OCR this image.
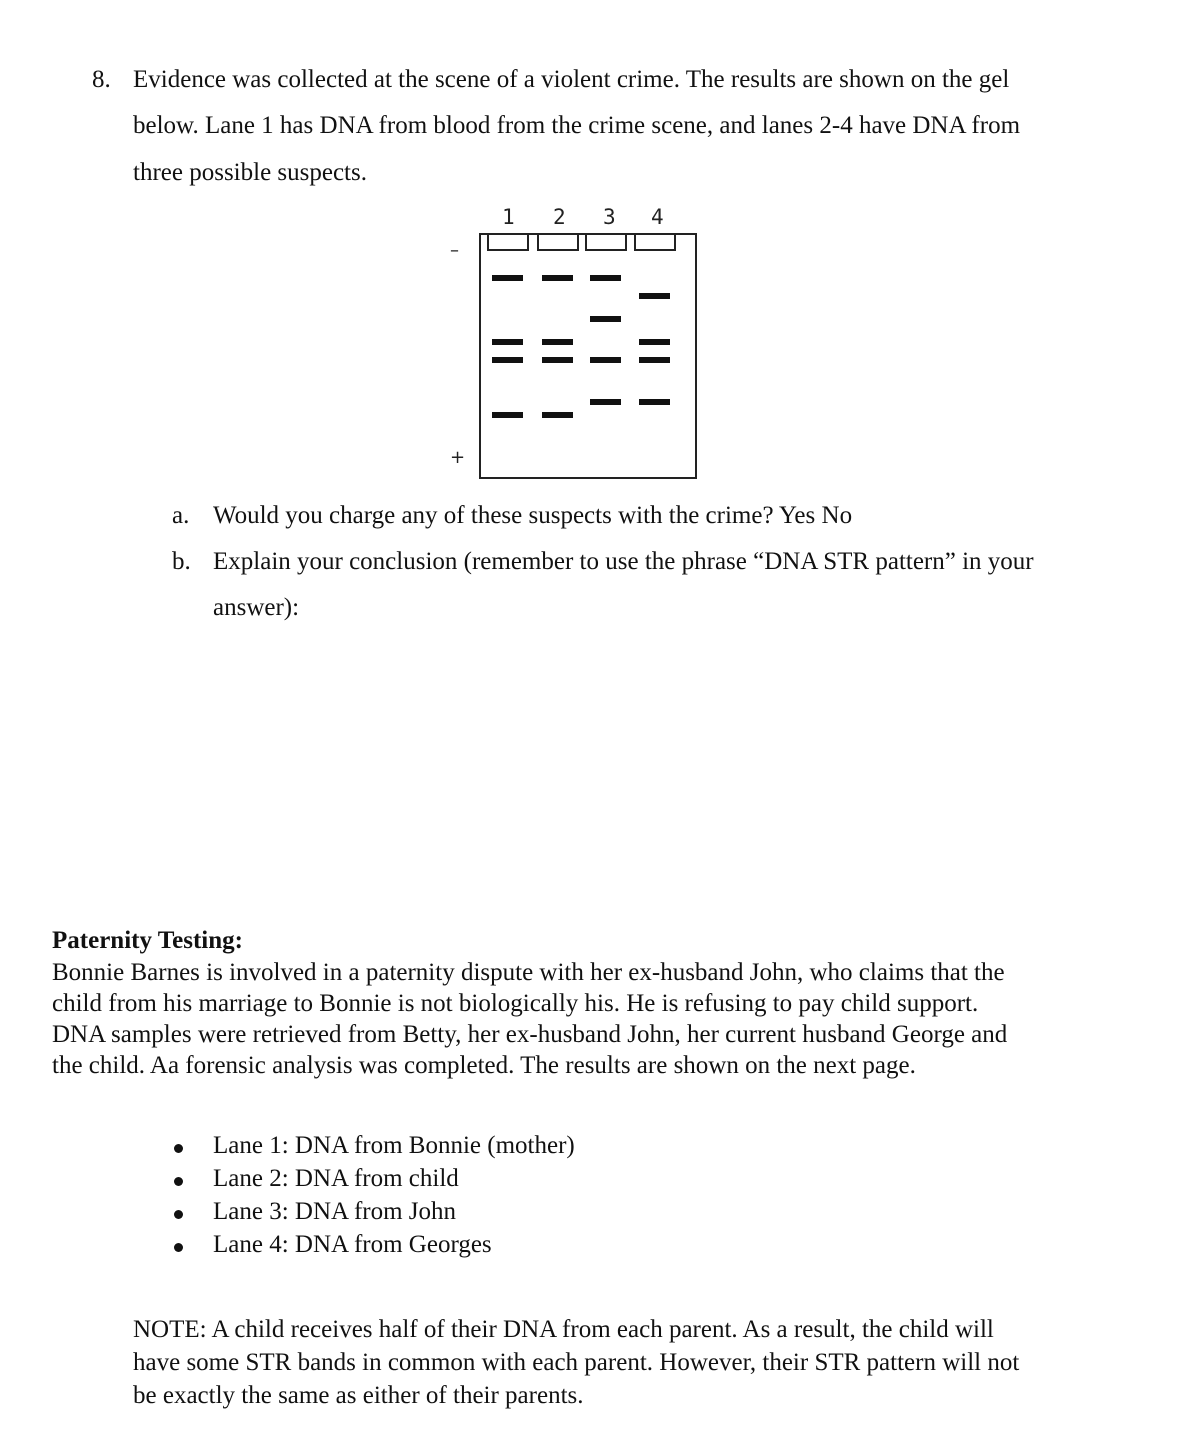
8. Evidence was collected at the scene of a violent crime. The results are shown on the gel
below. Lane 1 has DNA from blood from the crime scene, and lanes 2-4 have DNA from
three possible suspects.
1 2 3 4
–
+
a. Would you charge any of these suspects with the crime? Yes No
b. Explain your conclusion (remember to use the phrase “DNA STR pattern” in your
answer):
Paternity Testing:
Bonnie Barnes is involved in a paternity dispute with her ex-husband John, who claims that the
child from his marriage to Bonnie is not biologically his. He is refusing to pay child support.
DNA samples were retrieved from Betty, her ex-husband John, her current husband George and
the child. Aa forensic analysis was completed. The results are shown on the next page.
Lane 1: DNA from Bonnie (mother)
Lane 2: DNA from child
Lane 3: DNA from John
Lane 4: DNA from Georges
NOTE: A child receives half of their DNA from each parent. As a result, the child will
have some STR bands in common with each parent. However, their STR pattern will not
be exactly the same as either of their parents.
